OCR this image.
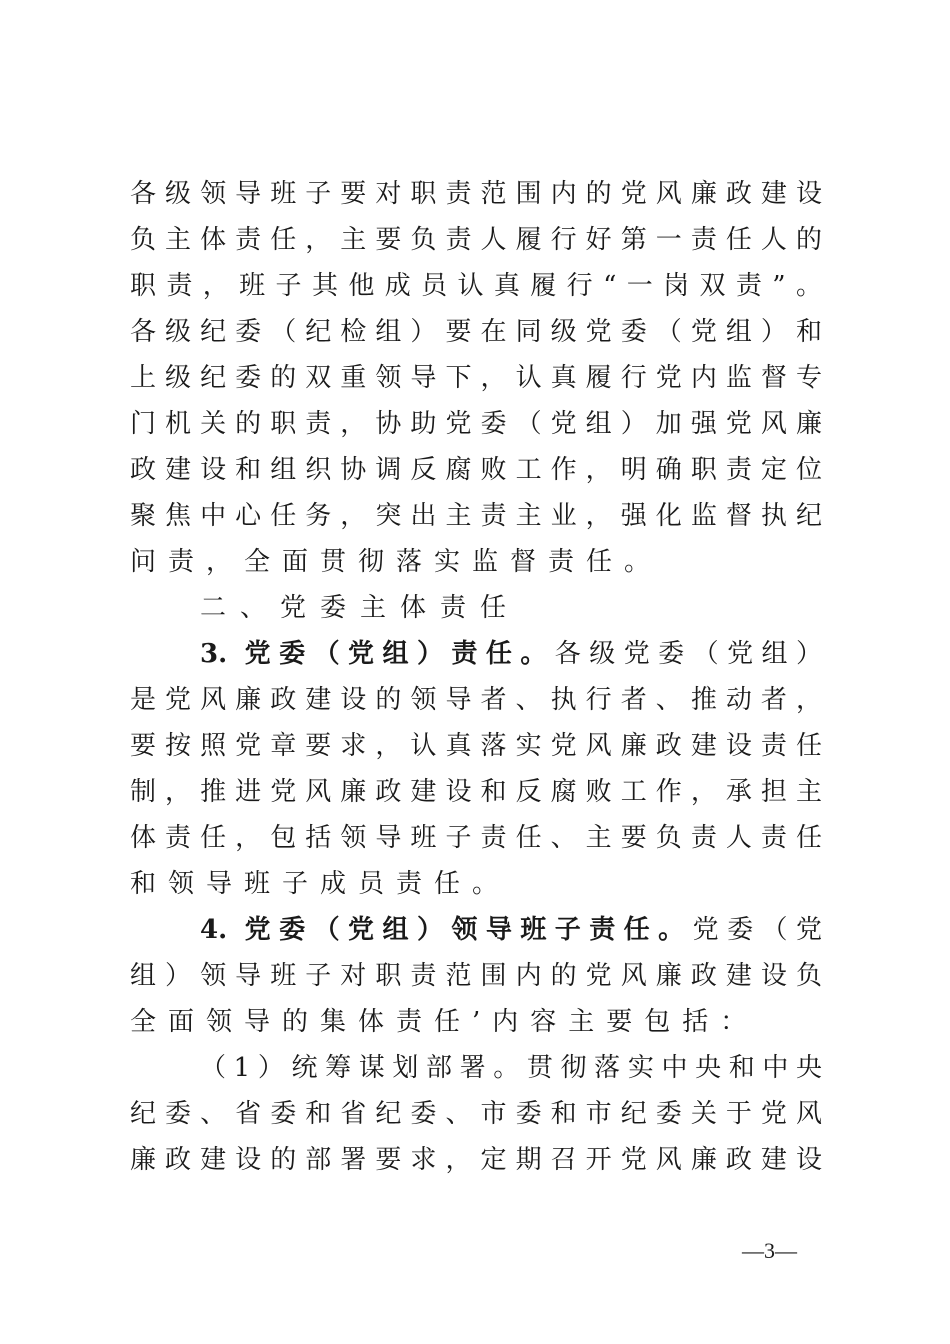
各级领导班子要对职责范围内的党风廉政建设
负主体责任，主要负责人履行好第一责任人的
职责，班子其他成员认真履行“一岗双责”。
各级纪委（纪检组）要在同级党委（党组）和
上级纪委的双重领导下，认真履行党内监督专
门机关的职责，协助党委（党组）加强党风廉
政建设和组织协调反腐败工作，明确职责定位
聚焦中心任务，突出主责主业，强化监督执纪
问责，全面贯彻落实监督责任。
二、党委主体责任
3. 党委（党组）责任。各级党委（党组）
是党风廉政建设的领导者、执行者、推动者，
要按照党章要求，认真落实党风廉政建设责任
制，推进党风廉政建设和反腐败工作，承担主
体责任，包括领导班子责任、主要负责人责任
和领导班子成员责任。
4. 党委（党组）领导班子责任。党委（党
组）领导班子对职责范围内的党风廉政建设负
全面领导的集体责任’内容主要包括：
（1）统筹谋划部署。贯彻落实中央和中央
纪委、省委和省纪委、市委和市纪委关于党风
廉政建设的部署要求，定期召开党风廉政建设
—3—
